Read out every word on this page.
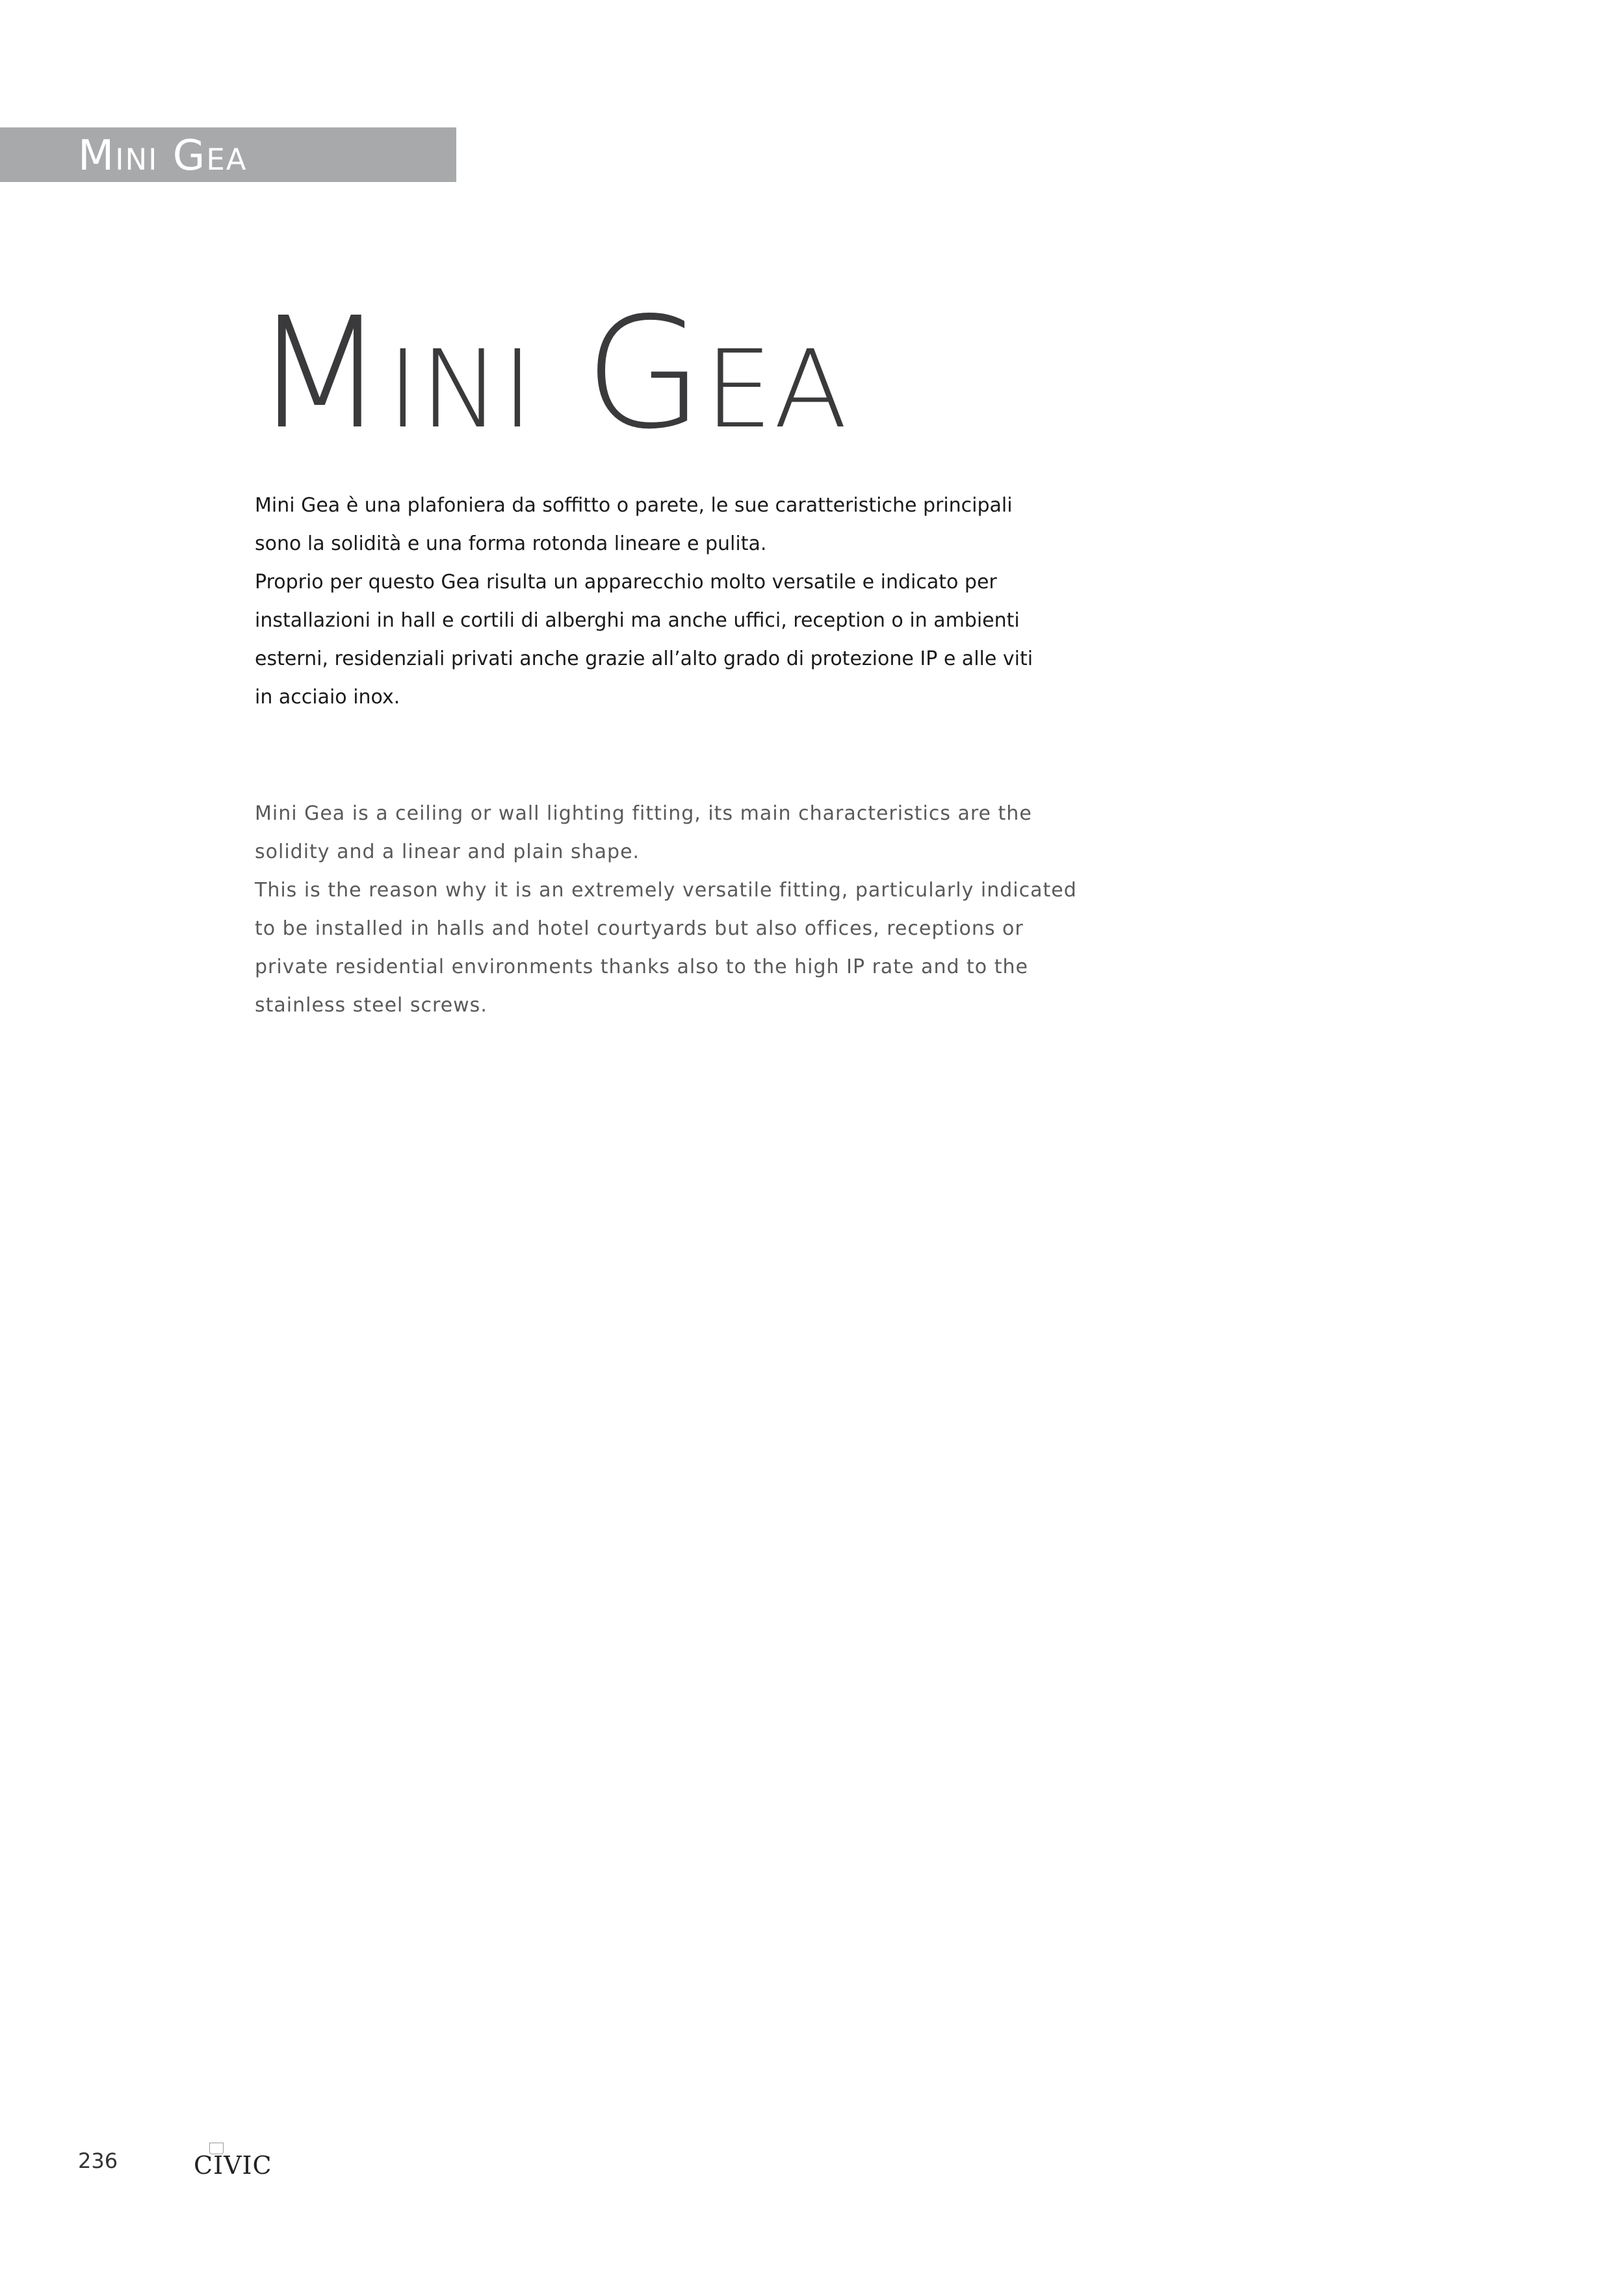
Mini Gea
Mini Gea
Mini Gea è una plafoniera da soffitto o parete, le sue caratteristiche principali
sono la solidità e una forma rotonda lineare e pulita.
Proprio per questo Gea risulta un apparecchio molto versatile e indicato per
installazioni in hall e cortili di alberghi ma anche uffici, reception o in ambienti
esterni, residenziali privati anche grazie all’alto grado di protezione IP e alle viti
in acciaio inox.
Mini Gea is a ceiling or wall lighting fitting, its main characteristics are the
solidity and a linear and plain shape.
This is the reason why it is an extremely versatile fitting, particularly indicated
to be installed in halls and hotel courtyards but also offices, receptions or
private residential environments thanks also to the high IP rate and to the
stainless steel screws.
236	CIVIC
